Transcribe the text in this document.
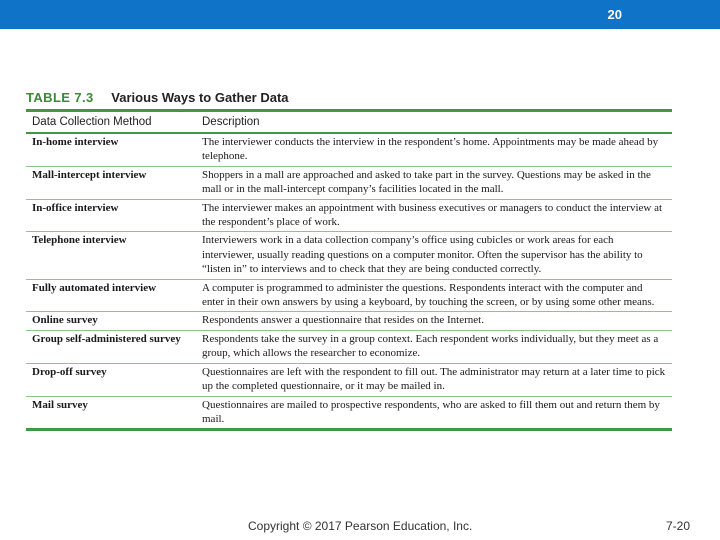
20
TABLE 7.3 Various Ways to Gather Data
Data Collection Method	Description
In-home interview	The interviewer conducts the interview in the respondent’s home. Appointments may be made ahead by telephone.
Mall-intercept interview	Shoppers in a mall are approached and asked to take part in the survey. Questions may be asked in the mall or in the mall-intercept company’s facilities located in the mall.
In-office interview	The interviewer makes an appointment with business executives or managers to conduct the interview at the respondent’s place of work.
Telephone interview	Interviewers work in a data collection company’s office using cubicles or work areas for each interviewer, usually reading questions on a computer monitor. Often the supervisor has the ability to “listen in” to interviews and to check that they are being conducted correctly.
Fully automated interview	A computer is programmed to administer the questions. Respondents interact with the computer and enter in their own answers by using a keyboard, by touching the screen, or by using some other means.
Online survey	Respondents answer a questionnaire that resides on the Internet.
Group self-administered survey	Respondents take the survey in a group context. Each respondent works individually, but they meet as a group, which allows the researcher to economize.
Drop-off survey	Questionnaires are left with the respondent to fill out. The administrator may return at a later time to pick up the completed questionnaire, or it may be mailed in.
Mail survey	Questionnaires are mailed to prospective respondents, who are asked to fill them out and return them by mail.
Copyright © 2017 Pearson Education, Inc.	7-20
